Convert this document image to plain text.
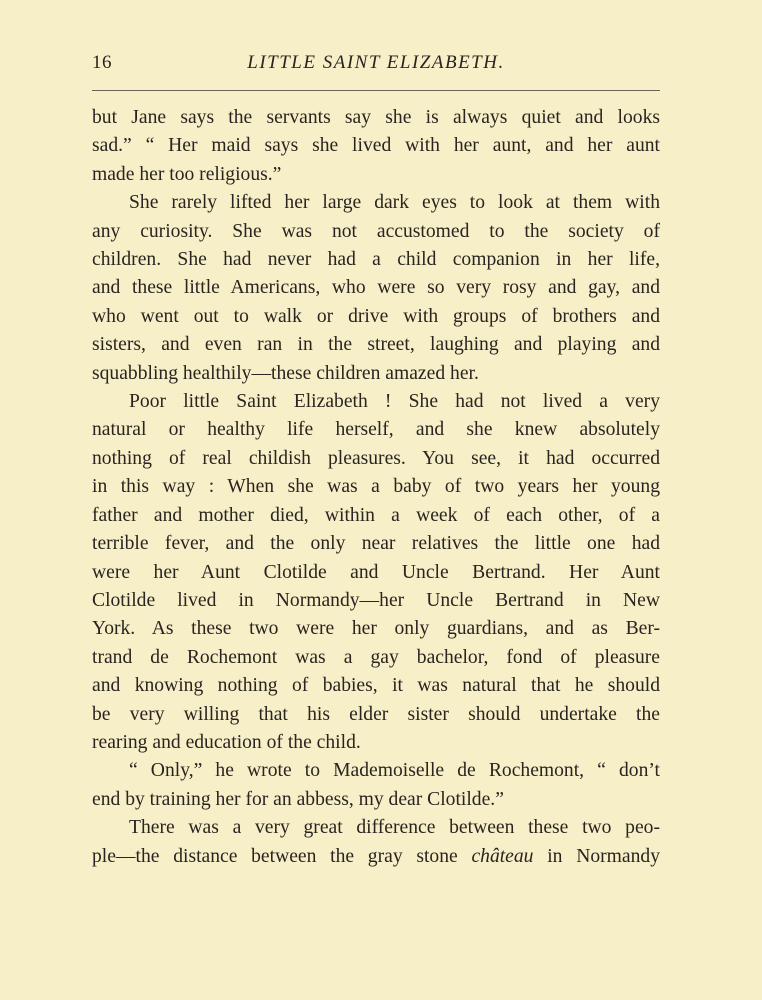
16	LITTLE SAINT ELIZABETH.
but Jane says the servants say she is always quiet and looks
sad.” “ Her maid says she lived with her aunt, and her aunt
made her too religious.”
She rarely lifted her large dark eyes to look at them with
any curiosity. She was not accustomed to the society of
children. She had never had a child companion in her life,
and these little Americans, who were so very rosy and gay, and
who went out to walk or drive with groups of brothers and
sisters, and even ran in the street, laughing and playing and
squabbling healthily—these children amazed her.
Poor little Saint Elizabeth ! She had not lived a very
natural or healthy life herself, and she knew absolutely
nothing of real childish pleasures. You see, it had occurred
in this way : When she was a baby of two years her young
father and mother died, within a week of each other, of a
terrible fever, and the only near relatives the little one had
were her Aunt Clotilde and Uncle Bertrand. Her Aunt
Clotilde lived in Normandy—her Uncle Bertrand in New
York. As these two were her only guardians, and as Ber-
trand de Rochemont was a gay bachelor, fond of pleasure
and knowing nothing of babies, it was natural that he should
be very willing that his elder sister should undertake the
rearing and education of the child.
“ Only,” he wrote to Mademoiselle de Rochemont, “ don’t
end by training her for an abbess, my dear Clotilde.”
There was a very great difference between these two peo-
ple—the distance between the gray stone château in Normandy
